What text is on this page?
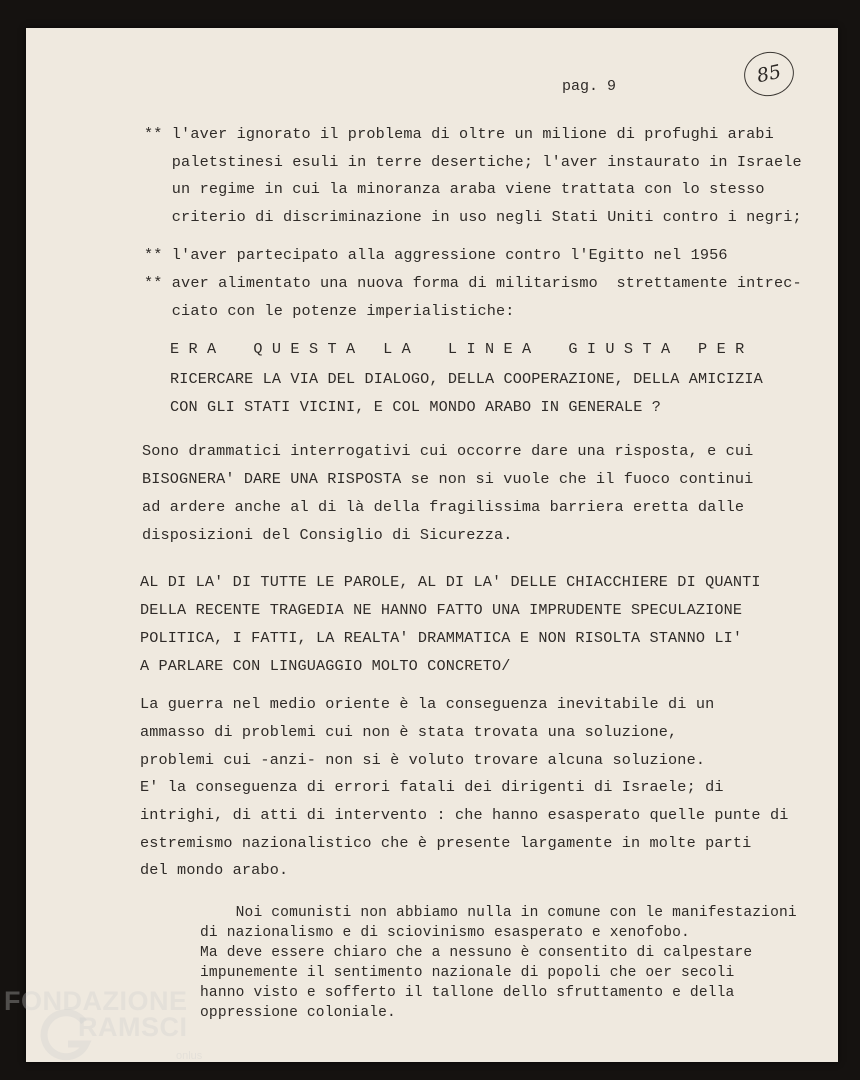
pag. 9	85
** l'aver ignorato il problema di oltre un milione di profughi arabi
paletstinesi esuli in terre desertiche; l'aver instaurato in Israele
un regime in cui la minoranza araba viene trattata con lo stesso
criterio di discriminazione in uso negli Stati Uniti contro i negri;
** l'aver partecipato alla aggressione contro l'Egitto nel 1956
** aver alimentato una nuova forma di militarismo  strettamente intrec-
ciato con le potenze imperialistiche:
E R A    Q U E S T A   L A    L I N E A    G I U S T A   P E R
RICERCARE LA VIA DEL DIALOGO, DELLA COOPERAZIONE, DELLA AMICIZIA
CON GLI STATI VICINI, E COL MONDO ARABO IN GENERALE ?
Sono drammatici interrogativi cui occorre dare una risposta, e cui
BISOGNERA' DARE UNA RISPOSTA se non si vuole che il fuoco continui
ad ardere anche al di là della fragilissima barriera eretta dalle
disposizioni del Consiglio di Sicurezza.
AL DI LA' DI TUTTE LE PAROLE, AL DI LA' DELLE CHIACCHIERE DI QUANTI
DELLA RECENTE TRAGEDIA NE HANNO FATTO UNA IMPRUDENTE SPECULAZIONE
POLITICA, I FATTI, LA REALTA' DRAMMATICA E NON RISOLTA STANNO LI'
A PARLARE CON LINGUAGGIO MOLTO CONCRETO/
La guerra nel medio oriente è la conseguenza inevitabile di un
ammasso di problemi cui non è stata trovata una soluzione,
problemi cui -anzi- non si è voluto trovare alcuna soluzione.
E' la conseguenza di errori fatali dei dirigenti di Israele; di
intrighi, di atti di intervento : che hanno esasperato quelle punte di
estremismo nazionalistico che è presente largamente in molte parti
del mondo arabo.
Noi comunisti non abbiamo nulla in comune con le manifestazioni
di nazionalismo e di sciovinismo esasperato e xenofobo.
Ma deve essere chiaro che a nessuno è consentito di calpestare
impunemente il sentimento nazionale di popoli che oer secoli
hanno visto e sofferto il tallone dello sfruttamento e della
oppressione coloniale.
FONDAZIONE
RAMSCI
onlus
